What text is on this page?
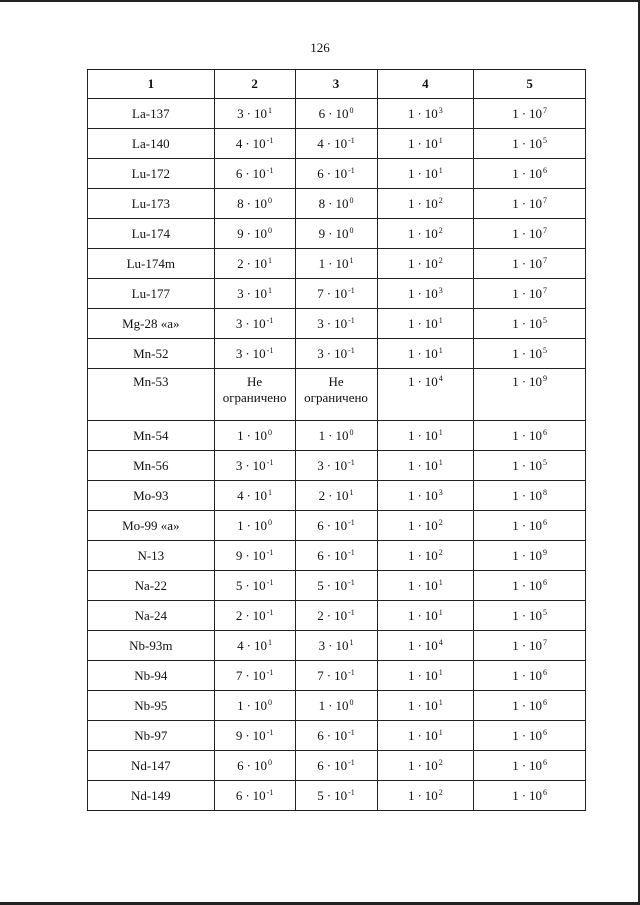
126
1	2	3	4	5
La-137	$3 \cdot 10^1$	$6 \cdot 10^0$	$1 \cdot 10^3$	$1 \cdot 10^7$
La-140	$4 \cdot 10^{-1}$	$4 \cdot 10^{-1}$	$1 \cdot 10^1$	$1 \cdot 10^5$
Lu-172	$6 \cdot 10^{-1}$	$6 \cdot 10^{-1}$	$1 \cdot 10^1$	$1 \cdot 10^6$
Lu-173	$8 \cdot 10^0$	$8 \cdot 10^0$	$1 \cdot 10^2$	$1 \cdot 10^7$
Lu-174	$9 \cdot 10^0$	$9 \cdot 10^0$	$1 \cdot 10^2$	$1 \cdot 10^7$
Lu-174m	$2 \cdot 10^1$	$1 \cdot 10^1$	$1 \cdot 10^2$	$1 \cdot 10^7$
Lu-177	$3 \cdot 10^1$	$7 \cdot 10^{-1}$	$1 \cdot 10^3$	$1 \cdot 10^7$
Mg-28 «а»	$3 \cdot 10^{-1}$	$3 \cdot 10^{-1}$	$1 \cdot 10^1$	$1 \cdot 10^5$
Mn-52	$3 \cdot 10^{-1}$	$3 \cdot 10^{-1}$	$1 \cdot 10^1$	$1 \cdot 10^5$
Mn-53	Не ограничено	Не ограничено	$1 \cdot 10^4$	$1 \cdot 10^9$
Mn-54	$1 \cdot 10^0$	$1 \cdot 10^0$	$1 \cdot 10^1$	$1 \cdot 10^6$
Mn-56	$3 \cdot 10^{-1}$	$3 \cdot 10^{-1}$	$1 \cdot 10^1$	$1 \cdot 10^5$
Mo-93	$4 \cdot 10^1$	$2 \cdot 10^1$	$1 \cdot 10^3$	$1 \cdot 10^8$
Mo-99 «а»	$1 \cdot 10^0$	$6 \cdot 10^{-1}$	$1 \cdot 10^2$	$1 \cdot 10^6$
N-13	$9 \cdot 10^{-1}$	$6 \cdot 10^{-1}$	$1 \cdot 10^2$	$1 \cdot 10^9$
Na-22	$5 \cdot 10^{-1}$	$5 \cdot 10^{-1}$	$1 \cdot 10^1$	$1 \cdot 10^6$
Na-24	$2 \cdot 10^{-1}$	$2 \cdot 10^{-1}$	$1 \cdot 10^1$	$1 \cdot 10^5$
Nb-93m	$4 \cdot 10^1$	$3 \cdot 10^1$	$1 \cdot 10^4$	$1 \cdot 10^7$
Nb-94	$7 \cdot 10^{-1}$	$7 \cdot 10^{-1}$	$1 \cdot 10^1$	$1 \cdot 10^6$
Nb-95	$1 \cdot 10^0$	$1 \cdot 10^0$	$1 \cdot 10^1$	$1 \cdot 10^6$
Nb-97	$9 \cdot 10^{-1}$	$6 \cdot 10^{-1}$	$1 \cdot 10^1$	$1 \cdot 10^6$
Nd-147	$6 \cdot 10^0$	$6 \cdot 10^{-1}$	$1 \cdot 10^2$	$1 \cdot 10^6$
Nd-149	$6 \cdot 10^{-1}$	$5 \cdot 10^{-1}$	$1 \cdot 10^2$	$1 \cdot 10^6$
